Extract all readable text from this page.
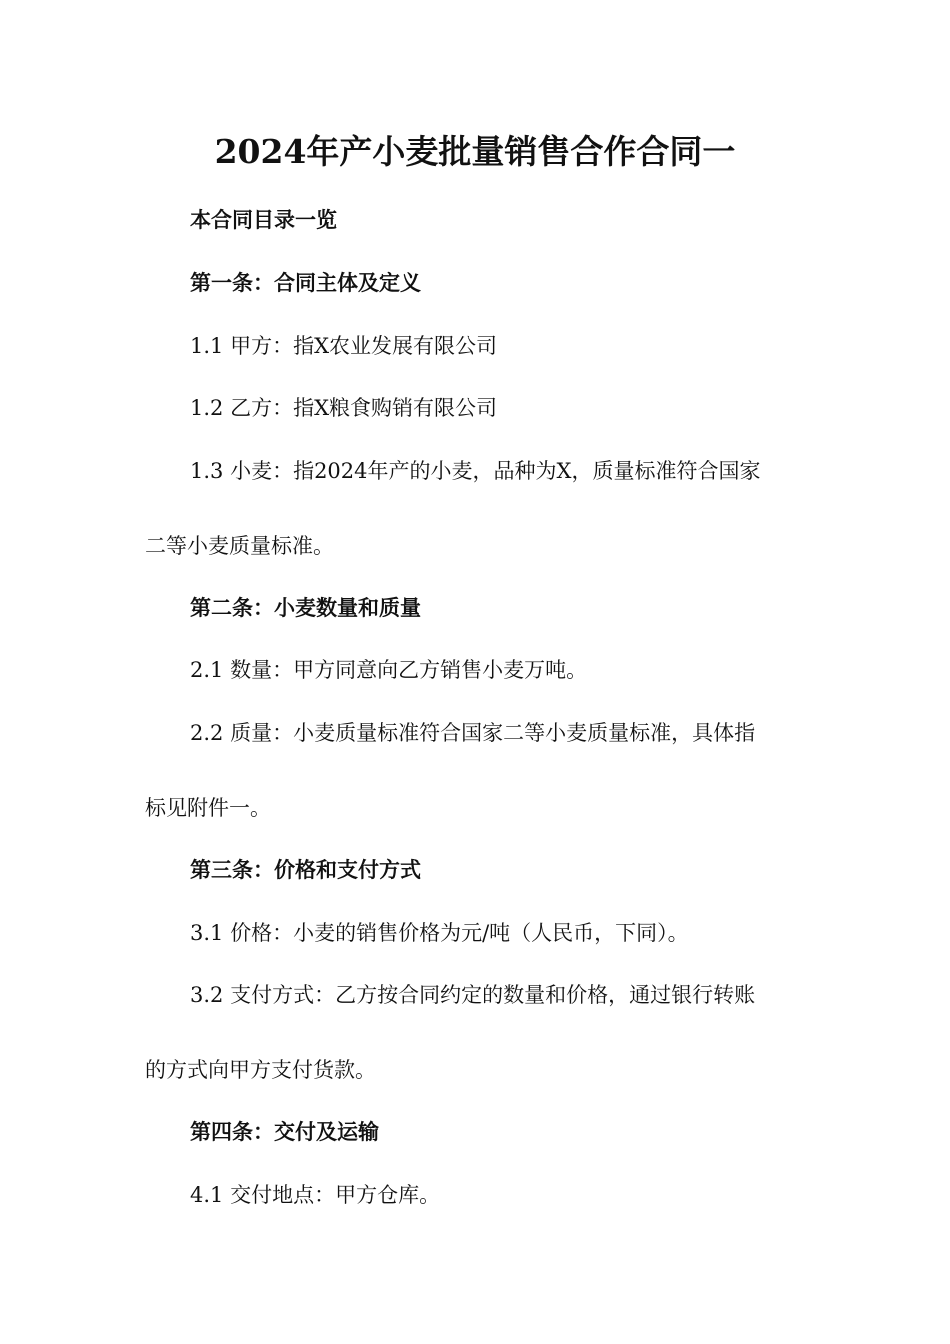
2024年产小麦批量销售合作合同一
本合同目录一览
第一条：合同主体及定义
1.1 甲方：指X农业发展有限公司
1.2 乙方：指X粮食购销有限公司
1.3 小麦：指2024年产的小麦，品种为X，质量标准符合国家
二等小麦质量标准。
第二条：小麦数量和质量
2.1 数量：甲方同意向乙方销售小麦万吨。
2.2 质量：小麦质量标准符合国家二等小麦质量标准，具体指
标见附件一。
第三条：价格和支付方式
3.1 价格：小麦的销售价格为元/吨（人民币，下同）。
3.2 支付方式：乙方按合同约定的数量和价格，通过银行转账
的方式向甲方支付货款。
第四条：交付及运输
4.1 交付地点：甲方仓库。
